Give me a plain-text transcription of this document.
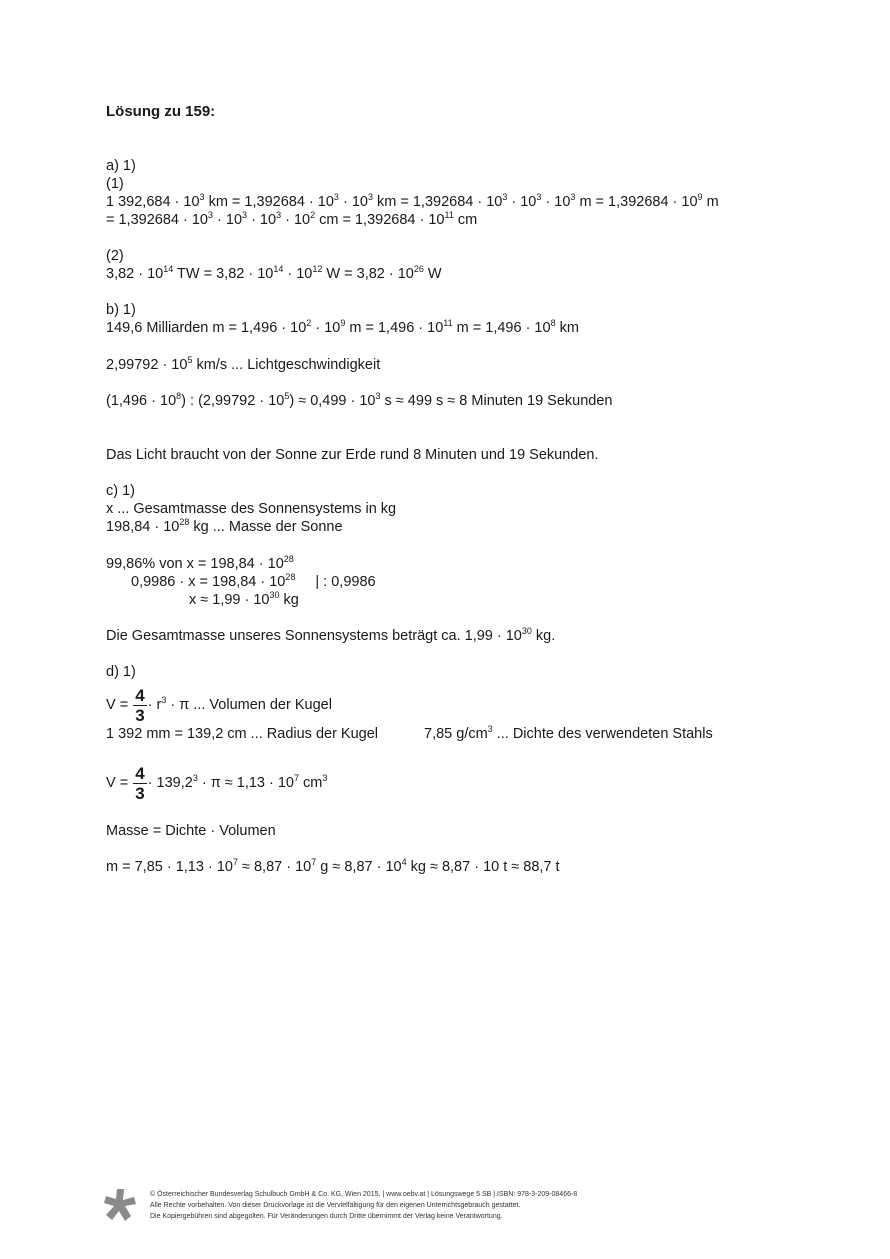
Lösung zu 159:
a) 1)
(1)
1 $392,684 \cdot 10^3$ km = $1,392684 \cdot 10^3 \cdot 10^3$ km = $1,392684 \cdot 10^3 \cdot 10^3 \cdot 10^3$ $m = 1,392684 \cdot 10^9$ m
= $1,392684 \cdot 10^3 \cdot 10^3 \cdot 10^3 \cdot 10^2$ cm = $1,392684 \cdot 10^{11}$ cm
(2)
$3,82 \cdot 10^{14}$ TW = $3,82 \cdot 10^{14} \cdot 10^{12}$ $W = 3,82 \cdot 10^{26}$ W
b) 1)
149,6 Milliarden $m = 1,496 \cdot 10^2 \cdot 10^9$ $m = 1,496 \cdot 10^{11}$ $m = 1,496 \cdot 10^8$ km
$2,99792 \cdot 10^5$ km/s ... Lichtgeschwindigkeit
$(1,496 \cdot 10^8)$ : $(2,99792 \cdot 10^5) \approx 0,499 \cdot 10^3$ s ≈ 499 s ≈ 8 Minuten 19 Sekunden
Das Licht braucht von der Sonne zur Erde rund 8 Minuten und 19 Sekunden.
c) 1)
x ... Gesamtmasse des Sonnensystems in kg
$198,84 \cdot 10^{28}$ kg ... Masse der Sonne
99,86% von $x = 198,84 \cdot 10^{28}$
$0,9986 \cdot x = 198,84 \cdot 10^{28}$ | : 0,9986
$x \approx 1,99 \cdot 10^{30}$ kg
Die Gesamtmasse unseres Sonnensystems beträgt ca. $1,99 \cdot 10^{30}$ kg.
d) 1)
$V = \frac{4}{3} \cdot r^3 \cdot \pi$ ... Volumen der Kugel
1 392 mm = 139,2 cm ... Radius der Kugel	7,85 $g/cm^3$ ... Dichte des verwendeten Stahls
$V = \frac{4}{3} \cdot 139,2^3 \cdot \pi \approx 1,13 \cdot 10^7$ $cm^3$
Masse = Dichte · Volumen
$m = 7,85 \cdot 1,13 \cdot 10^7 \approx 8,87 \cdot 10^7$ $g \approx 8,87 \cdot 10^4$ kg ≈ 8,87 · 10 t ≈ 88,7 t
© Österreichischer Bundesverlag Schulbuch GmbH & Co. KG, Wien 2015. | www.oebv.at | Lösungswege 5 SB | ISBN: 978-3-209-08466-8
Alle Rechte vorbehalten. Von dieser Druckvorlage ist die Vervielfältigung für den eigenen Unterrichtsgebrauch gestattet.
Die Kopiergebühren sind abgegolten. Für Veränderungen durch Dritte übernimmt der Verlag keine Verantwortung.
